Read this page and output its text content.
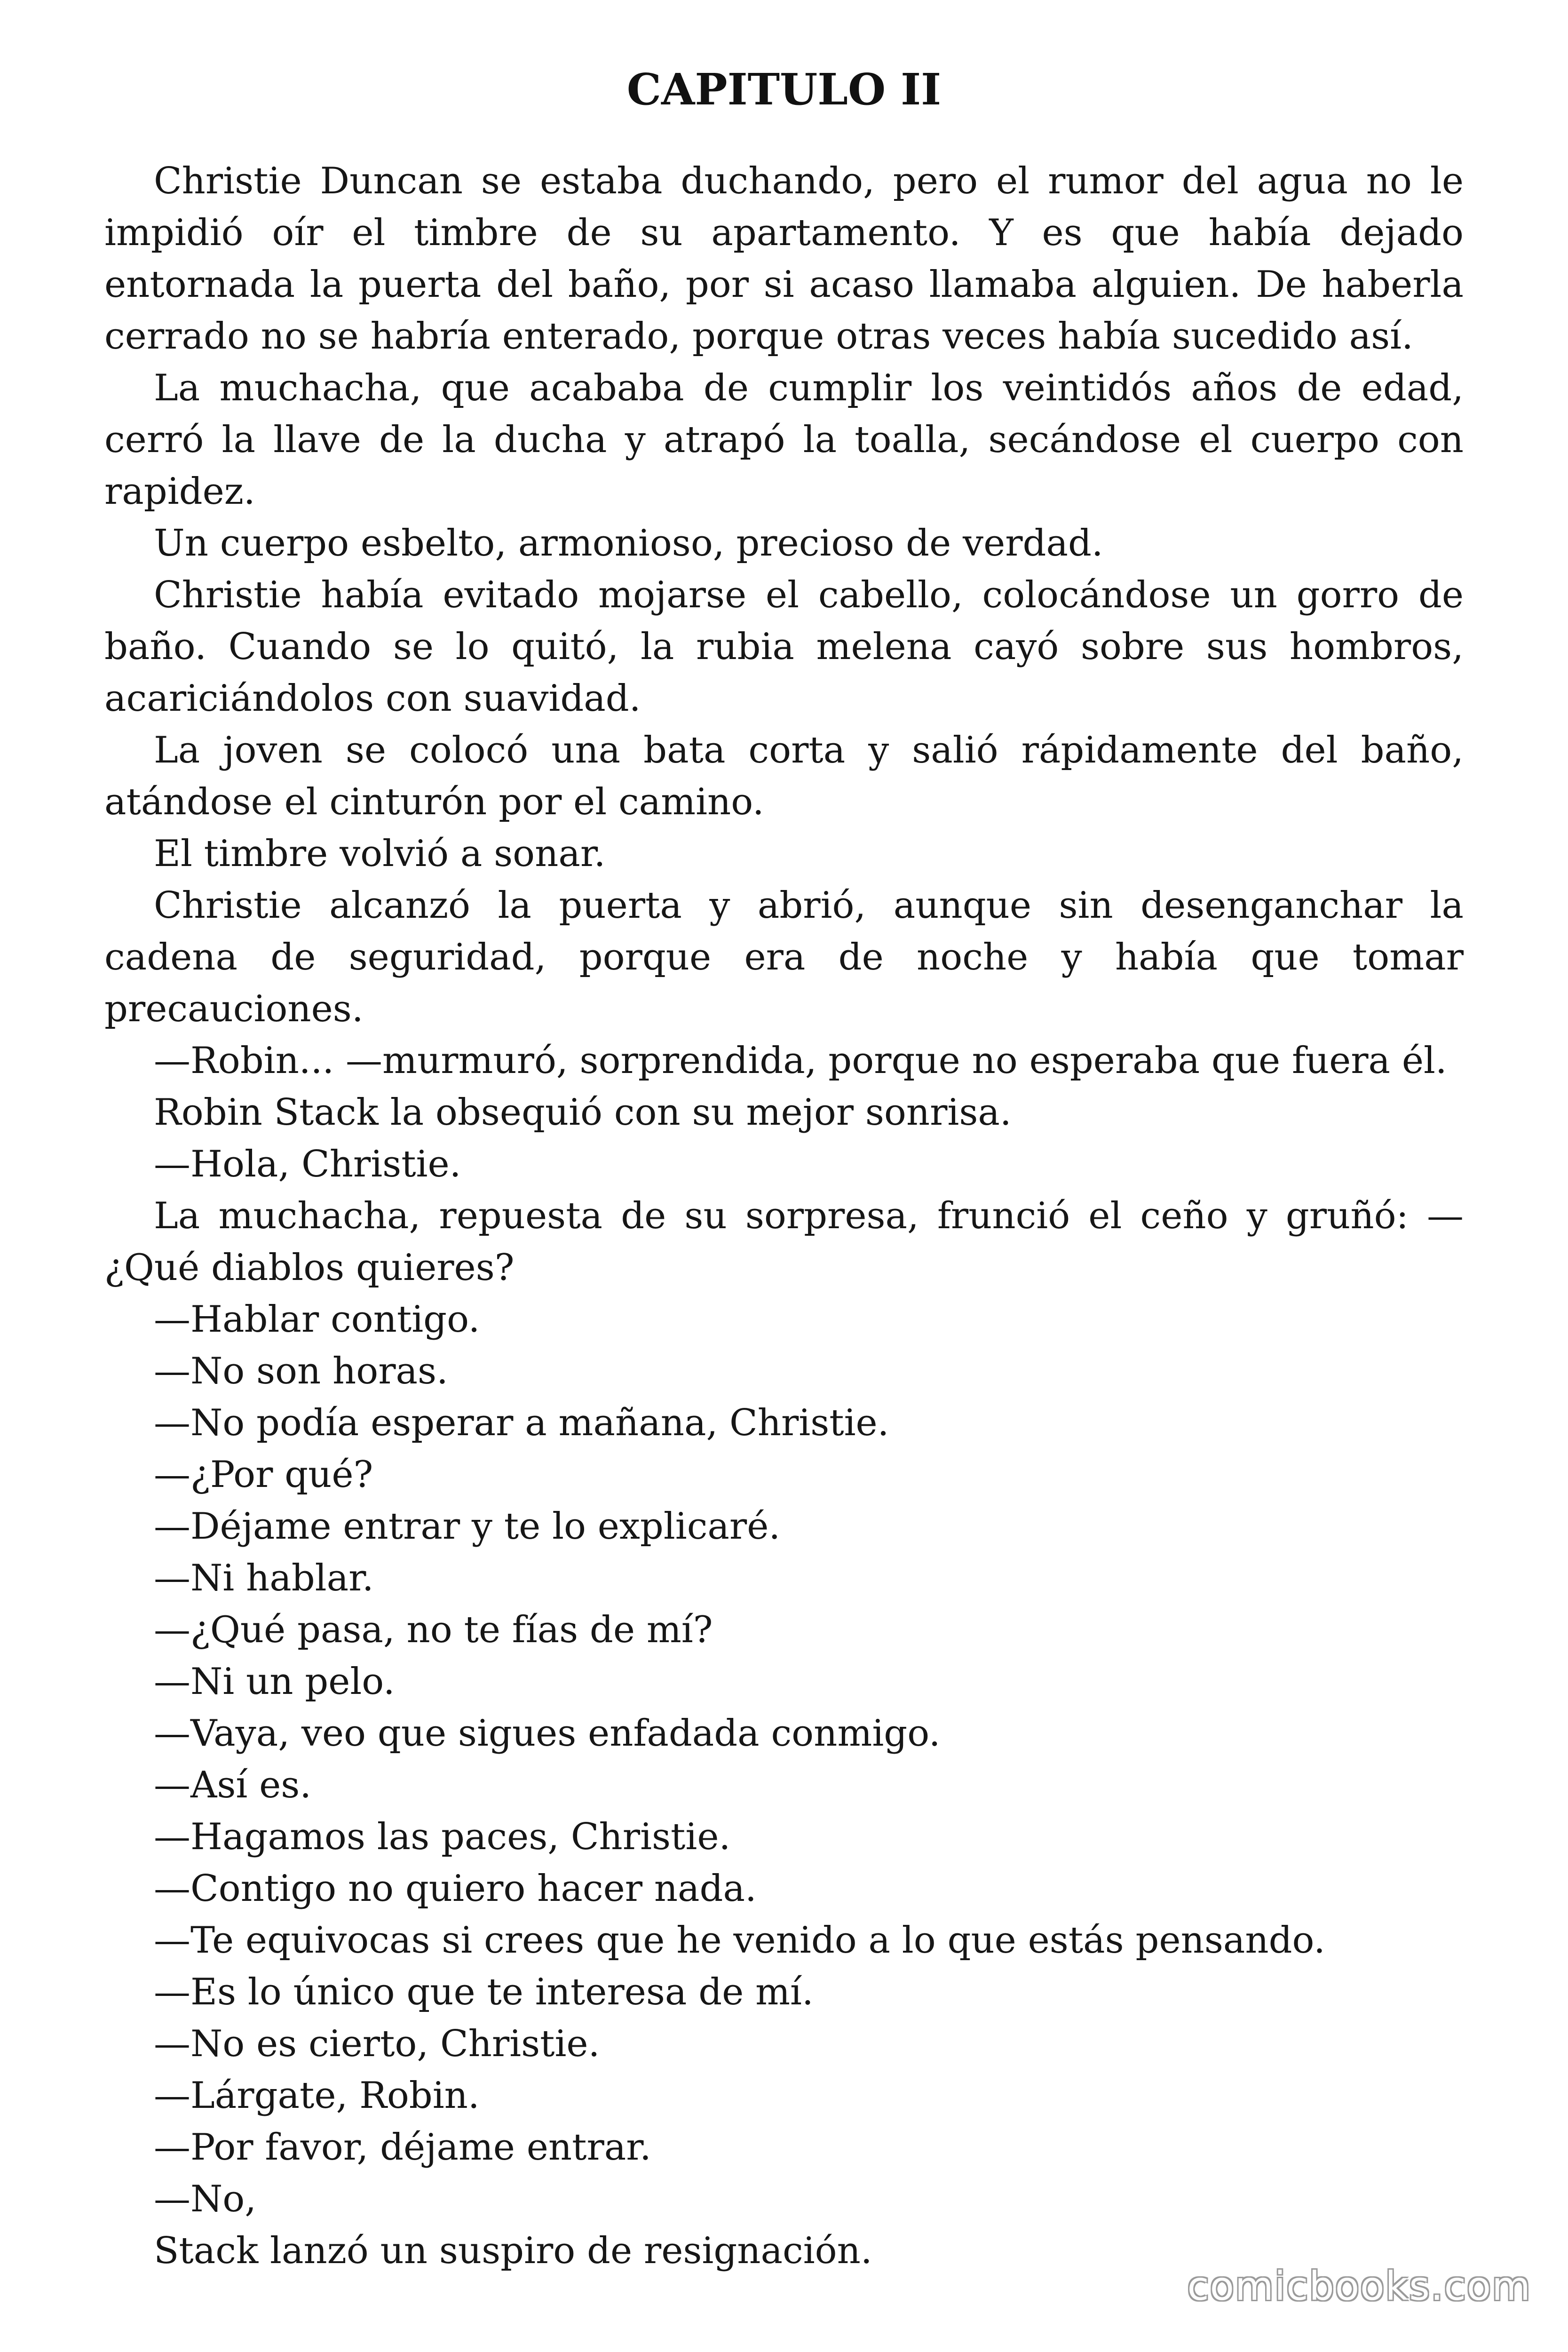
CAPITULO II

Christie Duncan se estaba duchando, pero el rumor del agua no le impidió oír el timbre de su apartamento. Y es que había dejado entornada la puerta del baño, por si acaso llamaba alguien. De haberla cerrado no se habría enterado, porque otras veces había sucedido así.

La muchacha, que acababa de cumplir los veintidós años de edad, cerró la llave de la ducha y atrapó la toalla, secándose el cuerpo con rapidez.

Un cuerpo esbelto, armonioso, precioso de verdad.

Christie había evitado mojarse el cabello, colocándose un gorro de baño. Cuando se lo quitó, la rubia melena cayó sobre sus hombros, acariciándolos con suavidad.

La joven se colocó una bata corta y salió rápidamente del baño, atándose el cinturón por el camino.

El timbre volvió a sonar.

Christie alcanzó la puerta y abrió, aunque sin desenganchar la cadena de seguridad, porque era de noche y había que tomar precauciones.

—Robin... —murmuró, sorprendida, porque no esperaba que fuera él.

Robin Stack la obsequió con su mejor sonrisa.

—Hola, Christie.

La muchacha, repuesta de su sorpresa, frunció el ceño y gruñó: —¿Qué diablos quieres?

—Hablar contigo.

—No son horas.

—No podía esperar a mañana, Christie.

—¿Por qué?

—Déjame entrar y te lo explicaré.

—Ni hablar.

—¿Qué pasa, no te fías de mí?

—Ni un pelo.

—Vaya, veo que sigues enfadada conmigo.

—Así es.

—Hagamos las paces, Christie.

—Contigo no quiero hacer nada.

—Te equivocas si crees que he venido a lo que estás pensando.

—Es lo único que te interesa de mí.

—No es cierto, Christie.

—Lárgate, Robin.

—Por favor, déjame entrar.

—No,

Stack lanzó un suspiro de resignación.

comicbooks.com
